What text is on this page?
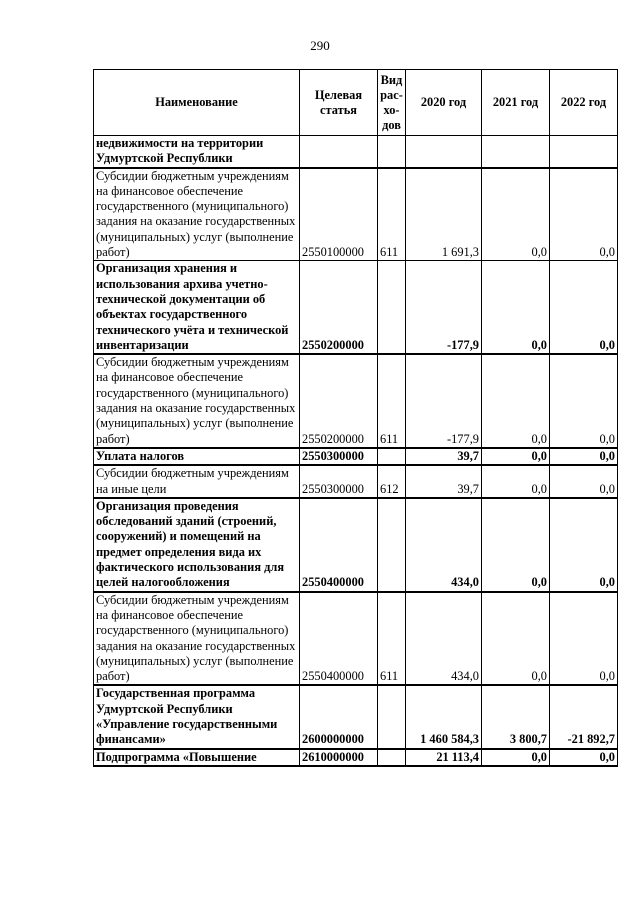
290
Наименование	Целевая статья	Вид рас-хо-дов	2020 год	2021 год	2022 год
недвижимости на территории Удмуртской Республики					
Субсидии бюджетным учреждениям на финансовое обеспечение государственного (муниципального) задания на оказание государственных (муниципальных) услуг (выполнение работ)	2550100000	611	1 691,3	0,0	0,0
Организация хранения и использования архива учетно-технической документации об объектах государственного технического учёта и технической инвентаризации	2550200000		-177,9	0,0	0,0
Субсидии бюджетным учреждениям на финансовое обеспечение государственного (муниципального) задания на оказание государственных (муниципальных) услуг (выполнение работ)	2550200000	611	-177,9	0,0	0,0
Уплата налогов	2550300000		39,7	0,0	0,0
Субсидии бюджетным учреждениям на иные цели	2550300000	612	39,7	0,0	0,0
Организация проведения обследований зданий (строений, сооружений) и помещений на предмет определения вида их фактического использования для целей налогообложения	2550400000		434,0	0,0	0,0
Субсидии бюджетным учреждениям на финансовое обеспечение государственного (муниципального) задания на оказание государственных (муниципальных) услуг (выполнение работ)	2550400000	611	434,0	0,0	0,0
Государственная программа Удмуртской Республики «Управление государственными финансами»	2600000000		1 460 584,3	3 800,7	-21 892,7
Подпрограмма «Повышение	2610000000		21 113,4	0,0	0,0
